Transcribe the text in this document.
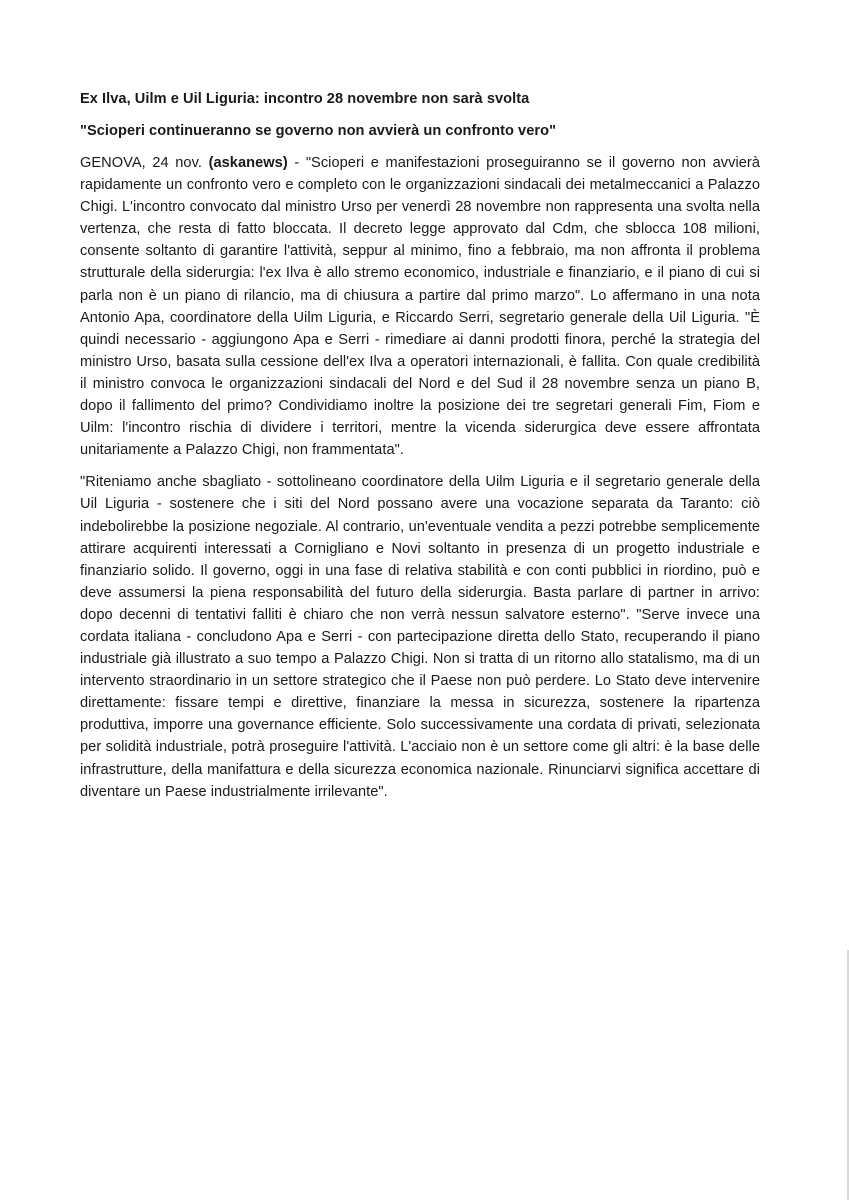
Ex Ilva, Uilm e Uil Liguria: incontro 28 novembre non sarà svolta
"Scioperi continueranno se governo non avvierà un confronto vero"

GENOVA, 24 nov. (askanews) - "Scioperi e manifestazioni proseguiranno se il governo non avvierà rapidamente un confronto vero e completo con le organizzazioni sindacali dei metalmeccanici a Palazzo Chigi. L'incontro convocato dal ministro Urso per venerdì 28 novembre non rappresenta una svolta nella vertenza, che resta di fatto bloccata. Il decreto legge approvato dal Cdm, che sblocca 108 milioni, consente soltanto di garantire l'attività, seppur al minimo, fino a febbraio, ma non affronta il problema strutturale della siderurgia: l'ex Ilva è allo stremo economico, industriale e finanziario, e il piano di cui si parla non è un piano di rilancio, ma di chiusura a partire dal primo marzo". Lo affermano in una nota Antonio Apa, coordinatore della Uilm Liguria, e Riccardo Serri, segretario generale della Uil Liguria. "È quindi necessario - aggiungono Apa e Serri - rimediare ai danni prodotti finora, perché la strategia del ministro Urso, basata sulla cessione dell'ex Ilva a operatori internazionali, è fallita. Con quale credibilità il ministro convoca le organizzazioni sindacali del Nord e del Sud il 28 novembre senza un piano B, dopo il fallimento del primo? Condividiamo inoltre la posizione dei tre segretari generali Fim, Fiom e Uilm: l'incontro rischia di dividere i territori, mentre la vicenda siderurgica deve essere affrontata unitariamente a Palazzo Chigi, non frammentata".

"Riteniamo anche sbagliato - sottolineano coordinatore della Uilm Liguria e il segretario generale della Uil Liguria - sostenere che i siti del Nord possano avere una vocazione separata da Taranto: ciò indebolirebbe la posizione negoziale. Al contrario, un'eventuale vendita a pezzi potrebbe semplicemente attirare acquirenti interessati a Cornigliano e Novi soltanto in presenza di un progetto industriale e finanziario solido. Il governo, oggi in una fase di relativa stabilità e con conti pubblici in riordino, può e deve assumersi la piena responsabilità del futuro della siderurgia. Basta parlare di partner in arrivo: dopo decenni di tentativi falliti è chiaro che non verrà nessun salvatore esterno". "Serve invece una cordata italiana - concludono Apa e Serri - con partecipazione diretta dello Stato, recuperando il piano industriale già illustrato a suo tempo a Palazzo Chigi. Non si tratta di un ritorno allo statalismo, ma di un intervento straordinario in un settore strategico che il Paese non può perdere. Lo Stato deve intervenire direttamente: fissare tempi e direttive, finanziare la messa in sicurezza, sostenere la ripartenza produttiva, imporre una governance efficiente. Solo successivamente una cordata di privati, selezionata per solidità industriale, potrà proseguire l'attività. L'acciaio non è un settore come gli altri: è la base delle infrastrutture, della manifattura e della sicurezza economica nazionale. Rinunciarvi significa accettare di diventare un Paese industrialmente irrilevante".
